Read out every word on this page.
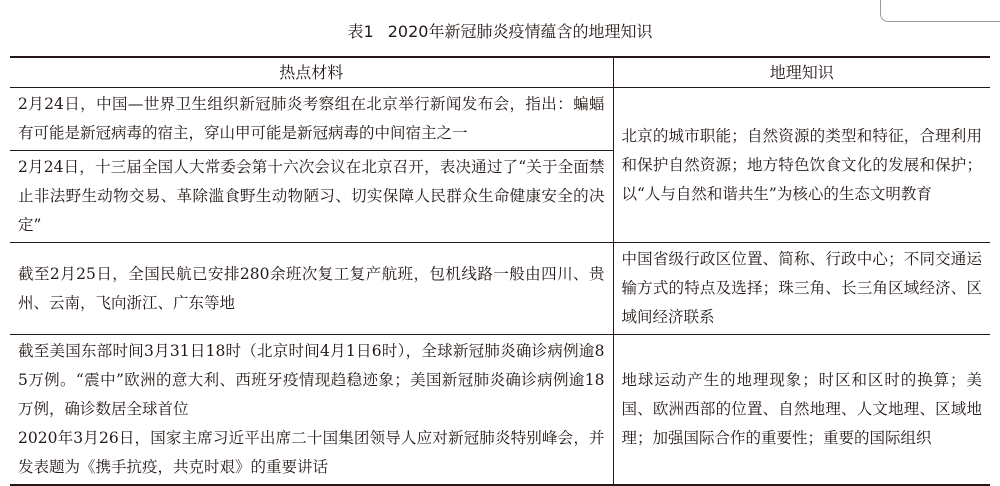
表1 2020年新冠肺炎疫情蕴含的地理知识
热点材料	地理知识
2月24日，中国—世界卫生组织新冠肺炎考察组在北京举行新闻发布会，指出：蝙蝠有可能是新冠病毒的宿主，穿山甲可能是新冠病毒的中间宿主之一	北京的城市职能；自然资源的类型和特征，合理利用和保护自然资源；地方特色饮食文化的发展和保护；以“人与自然和谐共生”为核心的生态文明教育
2月24日，十三届全国人大常委会第十六次会议在北京召开，表决通过了“关于全面禁止非法野生动物交易、革除滥食野生动物陋习、切实保障人民群众生命健康安全的决定”	
截至2月25日，全国民航已安排280余班次复工复产航班，包机线路一般由四川、贵州、云南，飞向浙江、广东等地	中国省级行政区位置、简称、行政中心；不同交通运输方式的特点及选择；珠三角、长三角区域经济、区域间经济联系

截至美国东部时间3月31日18时（北京时间4月1日6时），全球新冠肺炎确诊病例逾85万例。“震中”欧洲的意大利、西班牙疫情现趋稳迹象；美国新冠肺炎确诊病例逾18万例，确诊数居全球首位

2020年3月26日，国家主席习近平出席二十国集团领导人应对新冠肺炎特别峰会，并发表题为《携手抗疫，共克时艰》的重要讲话	地球运动产生的地理现象；时区和区时的换算；美国、欧洲西部的位置、自然地理、人文地理、区域地理；加强国际合作的重要性；重要的国际组织
